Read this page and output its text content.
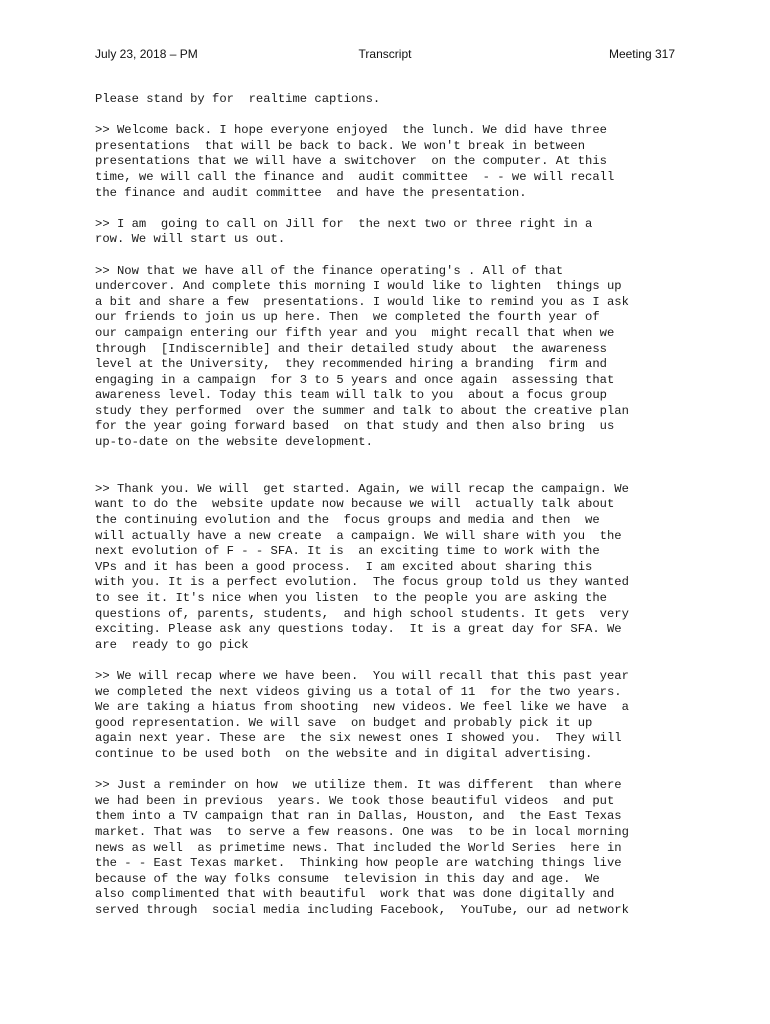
July 23, 2018 – PM	Transcript	Meeting 317

Please stand by for  realtime captions.

>> Welcome back. I hope everyone enjoyed  the lunch. We did have three
presentations  that will be back to back. We won't break in between
presentations that we will have a switchover  on the computer. At this
time, we will call the finance and  audit committee  - - we will recall
the finance and audit committee  and have the presentation.

>> I am  going to call on Jill for  the next two or three right in a
row. We will start us out.

>> Now that we have all of the finance operating's . All of that
undercover. And complete this morning I would like to lighten  things up
a bit and share a few  presentations. I would like to remind you as I ask
our friends to join us up here. Then  we completed the fourth year of
our campaign entering our fifth year and you  might recall that when we
through  [Indiscernible] and their detailed study about  the awareness
level at the University,  they recommended hiring a branding  firm and
engaging in a campaign  for 3 to 5 years and once again  assessing that
awareness level. Today this team will talk to you  about a focus group
study they performed  over the summer and talk to about the creative plan
for the year going forward based  on that study and then also bring  us
up-to-date on the website development.

>> Thank you. We will  get started. Again, we will recap the campaign. We
want to do the  website update now because we will  actually talk about
the continuing evolution and the  focus groups and media and then  we
will actually have a new create  a campaign. We will share with you  the
next evolution of F - - SFA. It is  an exciting time to work with the
VPs and it has been a good process.  I am excited about sharing this
with you. It is a perfect evolution.  The focus group told us they wanted
to see it. It's nice when you listen  to the people you are asking the
questions of, parents, students,  and high school students. It gets  very
exciting. Please ask any questions today.  It is a great day for SFA. We
are  ready to go pick

>> We will recap where we have been.  You will recall that this past year
we completed the next videos giving us a total of 11  for the two years.
We are taking a hiatus from shooting  new videos. We feel like we have  a
good representation. We will save  on budget and probably pick it up
again next year. These are  the six newest ones I showed you.  They will
continue to be used both  on the website and in digital advertising.

>> Just a reminder on how  we utilize them. It was different  than where
we had been in previous  years. We took those beautiful videos  and put
them into a TV campaign that ran in Dallas, Houston, and  the East Texas
market. That was  to serve a few reasons. One was  to be in local morning
news as well  as primetime news. That included the World Series  here in
the - - East Texas market.  Thinking how people are watching things live
because of the way folks consume  television in this day and age.  We
also complimented that with beautiful  work that was done digitally and
served through  social media including Facebook,  YouTube, our ad network
